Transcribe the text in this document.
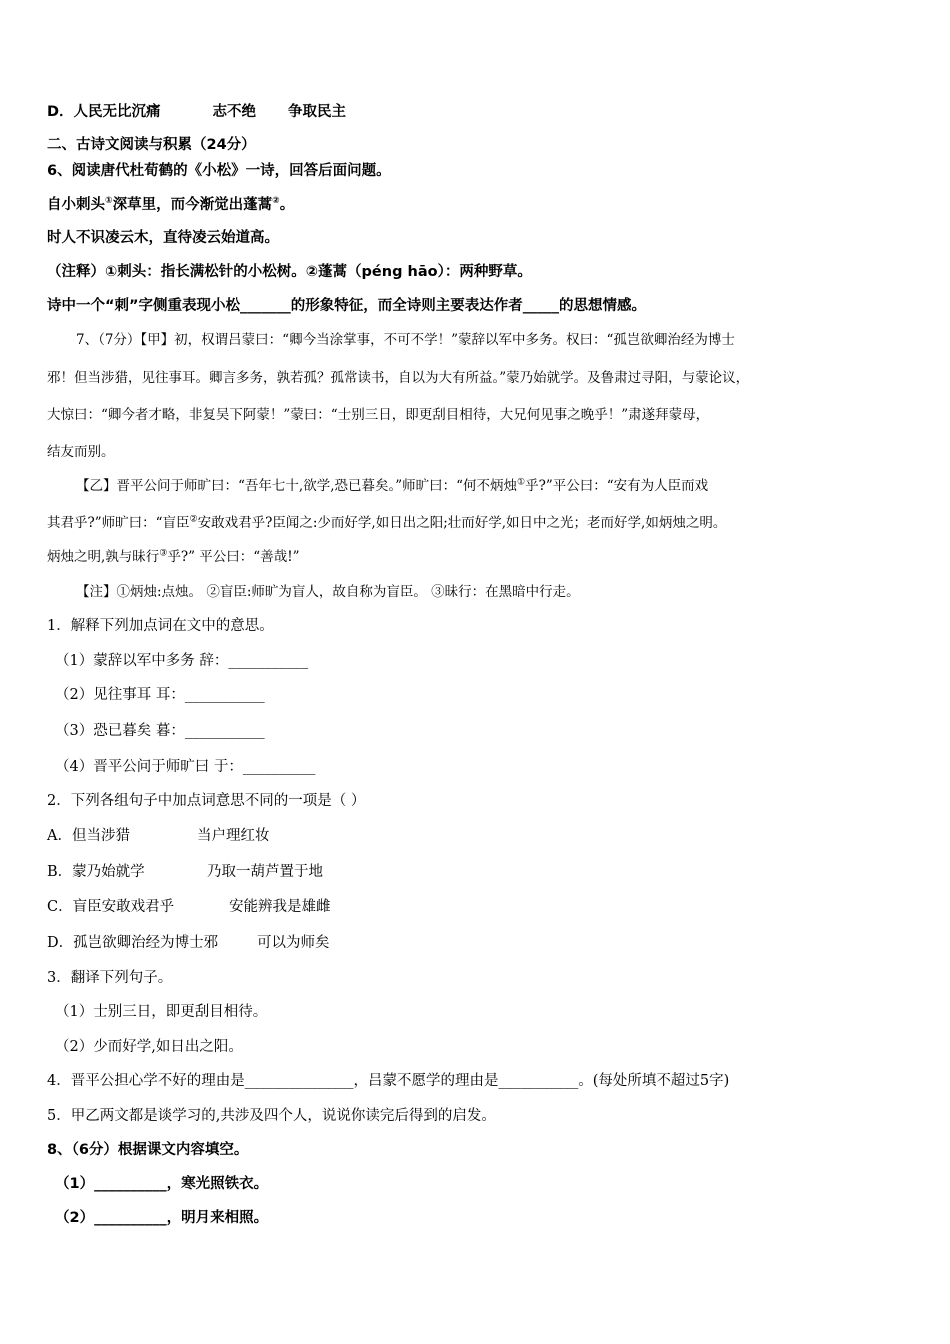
D．人民无比沉痛	志不绝 争取民主
二、古诗文阅读与积累（24分）
6、阅读唐代杜荀鹤的《小松》一诗，回答后面问题。
自小刺头①深草里，而今渐觉出蓬蒿②。
时人不识凌云木，直待凌云始道高。
（注释）①刺头：指长满松针的小松树。②蓬蒿（péng hāo）：两种野草。
诗中一个“刺”字侧重表现小松_______的形象特征，而全诗则主要表达作者_____的思想情感。
7、（7分）【甲】初，权谓吕蒙曰：“卿今当涂掌事，不可不学！”蒙辞以军中多务。权曰：“孤岂欲卿治经为博士
邪！但当涉猎，见往事耳。卿言多务，孰若孤？孤常读书，自以为大有所益。”蒙乃始就学。及鲁肃过寻阳，与蒙论议，
大惊曰：“卿今者才略，非复吴下阿蒙！”蒙曰：“士别三日，即更刮目相待，大兄何见事之晚乎！”肃遂拜蒙母，
结友而别。
【乙】晋平公问于师旷曰：“吾年七十,欲学,恐已暮矣。”师旷曰：“何不炳烛①乎?”平公曰：“安有为人臣而戏
其君乎?”师旷曰：“盲臣②安敢戏君乎?臣闻之:少而好学,如日出之阳;壮而好学,如日中之光；老而好学,如炳烛之明。
炳烛之明,孰与昧行③乎?” 平公曰：“善哉!”
【注】①炳烛:点烛。 ②盲臣:师旷为盲人，故自称为盲臣。 ③昧行：在黑暗中行走。
1．解释下列加点词在文中的意思。
（1）蒙辞以军中多务 辞：___________
（2）见往事耳 耳：___________
（3）恐已暮矣 暮：___________
（4）晋平公问于师旷曰 于：__________
2．下列各组句子中加点词意思不同的一项是（ ）
A．但当涉猎	当户理红妆
B．蒙乃始就学	乃取一葫芦置于地
C．盲臣安敢戏君乎	安能辨我是雄雌
D．孤岂欲卿治经为博士邪	可以为师矣
3．翻译下列句子。
（1）士别三日，即更刮目相待。
（2）少而好学,如日出之阳。
4．晋平公担心学不好的理由是_______________，吕蒙不愿学的理由是___________。(每处所填不超过5字)
5．甲乙两文都是谈学习的,共涉及四个人，说说你读完后得到的启发。
8、（6分）根据课文内容填空。
（1）__________，寒光照铁衣。
（2）__________，明月来相照。
